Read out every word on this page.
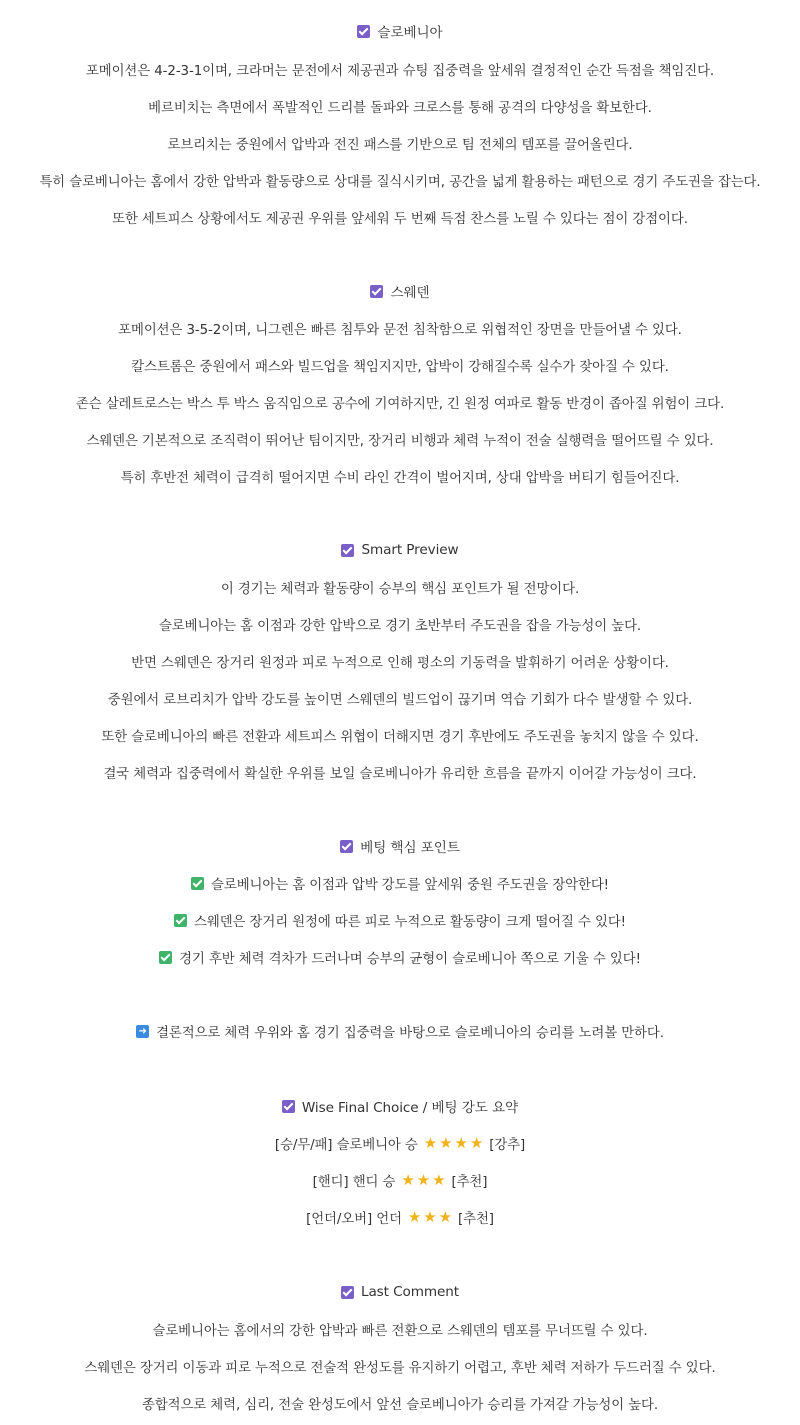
슬로베니아
포메이션은 4-2-3-1이며, 크라머는 문전에서 제공권과 슈팅 집중력을 앞세워 결정적인 순간 득점을 책임진다.
베르비치는 측면에서 폭발적인 드리블 돌파와 크로스를 통해 공격의 다양성을 확보한다.
로브리치는 중원에서 압박과 전진 패스를 기반으로 팀 전체의 템포를 끌어올린다.
특히 슬로베니아는 홈에서 강한 압박과 활동량으로 상대를 질식시키며, 공간을 넓게 활용하는 패턴으로 경기 주도권을 잡는다.
또한 세트피스 상황에서도 제공권 우위를 앞세워 두 번째 득점 찬스를 노릴 수 있다는 점이 강점이다.
스웨덴
포메이션은 3-5-2이며, 니그렌은 빠른 침투와 문전 침착함으로 위협적인 장면을 만들어낼 수 있다.
칼스트롬은 중원에서 패스와 빌드업을 책임지지만, 압박이 강해질수록 실수가 잦아질 수 있다.
존슨 살레트로스는 박스 투 박스 움직임으로 공수에 기여하지만, 긴 원정 여파로 활동 반경이 좁아질 위험이 크다.
스웨덴은 기본적으로 조직력이 뛰어난 팀이지만, 장거리 비행과 체력 누적이 전술 실행력을 떨어뜨릴 수 있다.
특히 후반전 체력이 급격히 떨어지면 수비 라인 간격이 벌어지며, 상대 압박을 버티기 힘들어진다.
Smart Preview
이 경기는 체력과 활동량이 승부의 핵심 포인트가 될 전망이다.
슬로베니아는 홈 이점과 강한 압박으로 경기 초반부터 주도권을 잡을 가능성이 높다.
반면 스웨덴은 장거리 원정과 피로 누적으로 인해 평소의 기동력을 발휘하기 어려운 상황이다.
중원에서 로브리치가 압박 강도를 높이면 스웨덴의 빌드업이 끊기며 역습 기회가 다수 발생할 수 있다.
또한 슬로베니아의 빠른 전환과 세트피스 위협이 더해지면 경기 후반에도 주도권을 놓치지 않을 수 있다.
결국 체력과 집중력에서 확실한 우위를 보일 슬로베니아가 유리한 흐름을 끝까지 이어갈 가능성이 크다.
베팅 핵심 포인트
슬로베니아는 홈 이점과 압박 강도를 앞세워 중원 주도권을 장악한다!
스웨덴은 장거리 원정에 따른 피로 누적으로 활동량이 크게 떨어질 수 있다!
경기 후반 체력 격차가 드러나며 승부의 균형이 슬로베니아 쪽으로 기울 수 있다!
➜ 결론적으로 체력 우위와 홈 경기 집중력을 바탕으로 슬로베니아의 승리를 노려볼 만하다.
Wise Final Choice / 베팅 강도 요약
[승/무/패] 슬로베니아 승 ★ ★ ★ ★ [강추]
[핸디] 핸디 승 ★ ★ ★ [추천]
[언더/오버] 언더 ★ ★ ★ [추천]
Last Comment
슬로베니아는 홈에서의 강한 압박과 빠른 전환으로 스웨덴의 템포를 무너뜨릴 수 있다.
스웨덴은 장거리 이동과 피로 누적으로 전술적 완성도를 유지하기 어렵고, 후반 체력 저하가 두드러질 수 있다.
종합적으로 체력, 심리, 전술 완성도에서 앞선 슬로베니아가 승리를 가져갈 가능성이 높다.
